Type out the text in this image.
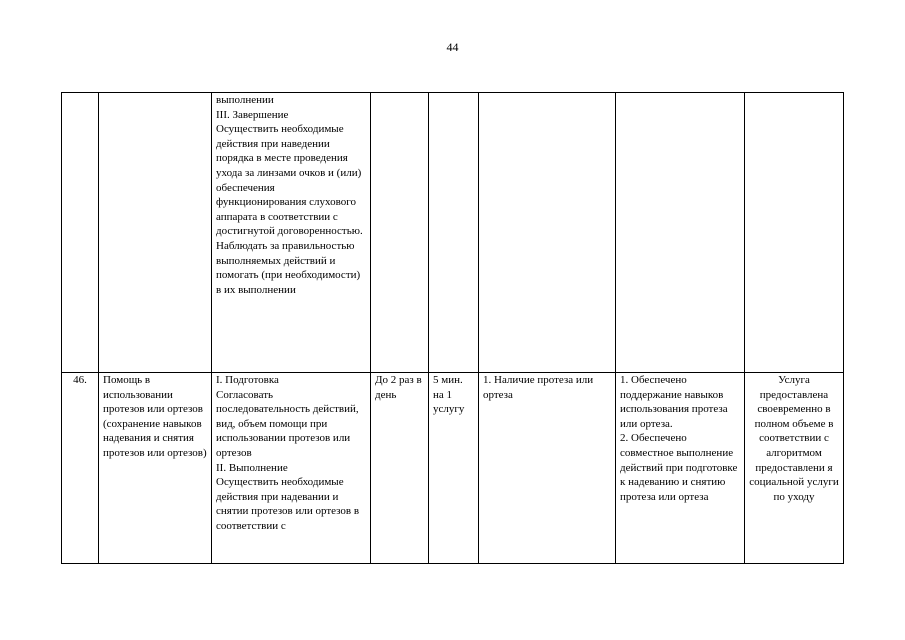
44
		выполнении
III. Завершение
Осуществить необходимые действия при наведении порядка в месте проведения ухода за линзами очков и (или) обеспечения функционирования слухового аппарата в соответствии с достигнутой договоренностью.
Наблюдать за правильностью выполняемых действий и помогать (при необходимости) в их выполнении					
46.	Помощь в использовании протезов или ортезов (сохранение навыков надевания и снятия протезов или ортезов)	I. Подготовка
Согласовать последовательность действий, вид, объем помощи при использовании протезов или ортезов
II. Выполнение
Осуществить необходимые действия при надевании и снятии протезов или ортезов в соответствии с	До 2 раз в день	5 мин. на 1 услугу	1. Наличие протеза или ортеза	1. Обеспечено поддержание навыков использования протеза или ортеза.
2. Обеспечено совместное выполнение действий при подготовке к надеванию и снятию протеза или ортеза	Услуга предоставлена своевременно в полном объеме в соответствии с алгоритмом предоставлени я социальной услуги по уходу
